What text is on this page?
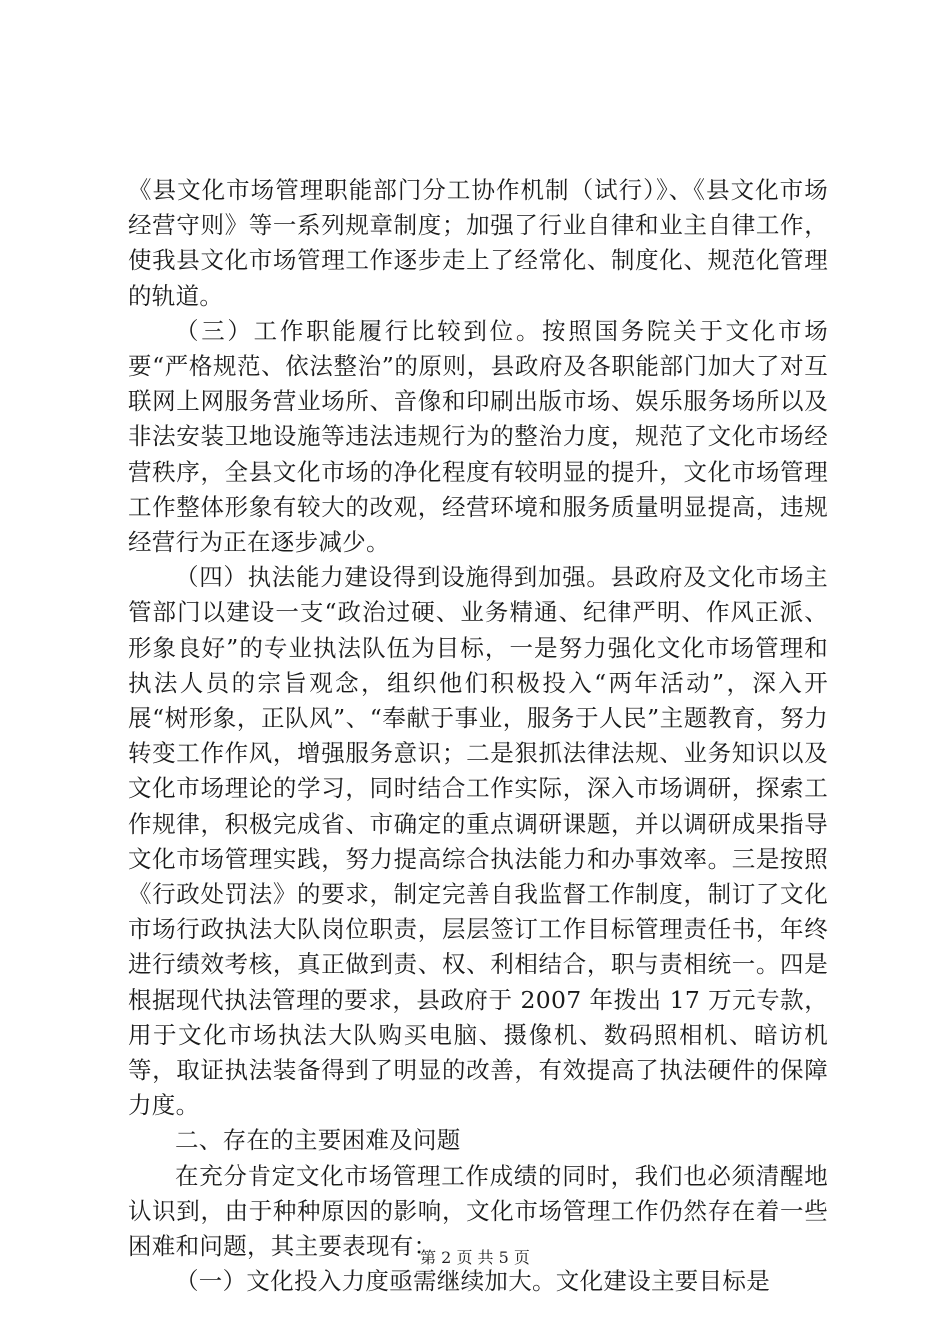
《县文化市场管理职能部门分工协作机制（试行）》、《县文化市场经营守则》等一系列规章制度；加强了行业自律和业主自律工作，使我县文化市场管理工作逐步走上了经常化、制度化、规范化管理的轨道。

（三）工作职能履行比较到位。按照国务院关于文化市场要“严格规范、依法整治”的原则，县政府及各职能部门加大了对互联网上网服务营业场所、音像和印刷出版市场、娱乐服务场所以及非法安装卫地设施等违法违规行为的整治力度，规范了文化市场经营秩序，全县文化市场的净化程度有较明显的提升，文化市场管理工作整体形象有较大的改观，经营环境和服务质量明显提高，违规经营行为正在逐步减少。

（四）执法能力建设得到设施得到加强。县政府及文化市场主管部门以建设一支“政治过硬、业务精通、纪律严明、作风正派、形象良好”的专业执法队伍为目标，一是努力强化文化市场管理和执法人员的宗旨观念，组织他们积极投入“两年活动”，深入开展“树形象，正队风”、“奉献于事业，服务于人民”主题教育，努力转变工作作风，增强服务意识；二是狠抓法律法规、业务知识以及文化市场理论的学习，同时结合工作实际，深入市场调研，探索工作规律，积极完成省、市确定的重点调研课题，并以调研成果指导文化市场管理实践，努力提高综合执法能力和办事效率。三是按照《行政处罚法》的要求，制定完善自我监督工作制度，制订了文化市场行政执法大队岗位职责，层层签订工作目标管理责任书，年终进行绩效考核，真正做到责、权、利相结合，职与责相统一。四是根据现代执法管理的要求，县政府于 2007 年拨出 17 万元专款，用于文化市场执法大队购买电脑、摄像机、数码照相机、暗访机等，取证执法装备得到了明显的改善，有效提高了执法硬件的保障力度。

二、存在的主要困难及问题

在充分肯定文化市场管理工作成绩的同时，我们也必须清醒地认识到，由于种种原因的影响，文化市场管理工作仍然存在着一些困难和问题，其主要表现有：

（一）文化投入力度亟需继续加大。文化建设主要目标是

第 2 页 共 5 页
